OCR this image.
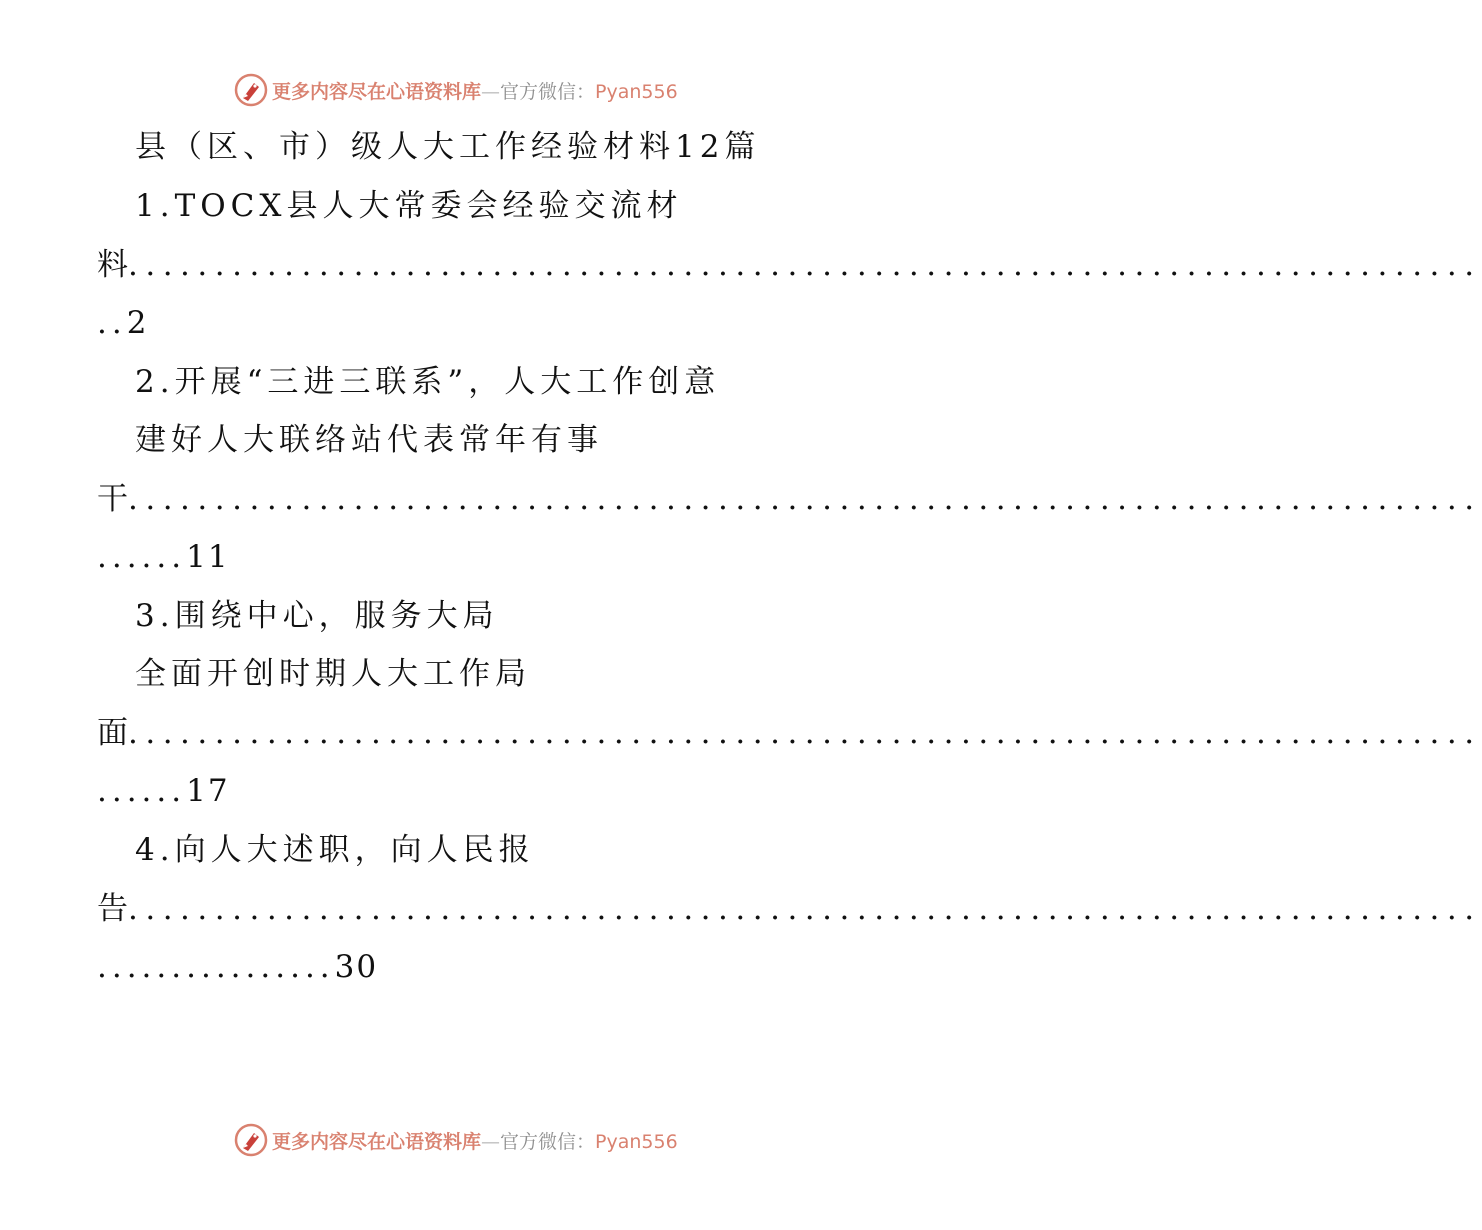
更多内容尽在心语资料库—官方微信：Pyan556
县（区、市）级人大工作经验材料12篇
1.TOCX县人大常委会经验交流材
料..............................................................................
..2
2.开展“三进三联系”，人大工作创意
建好人大联络站代表常年有事
干..............................................................................
......11
3.围绕中心，服务大局
全面开创时期人大工作局
面..............................................................................
......17
4.向人大述职，向人民报
告..............................................................................
................30
更多内容尽在心语资料库—官方微信：Pyan556
